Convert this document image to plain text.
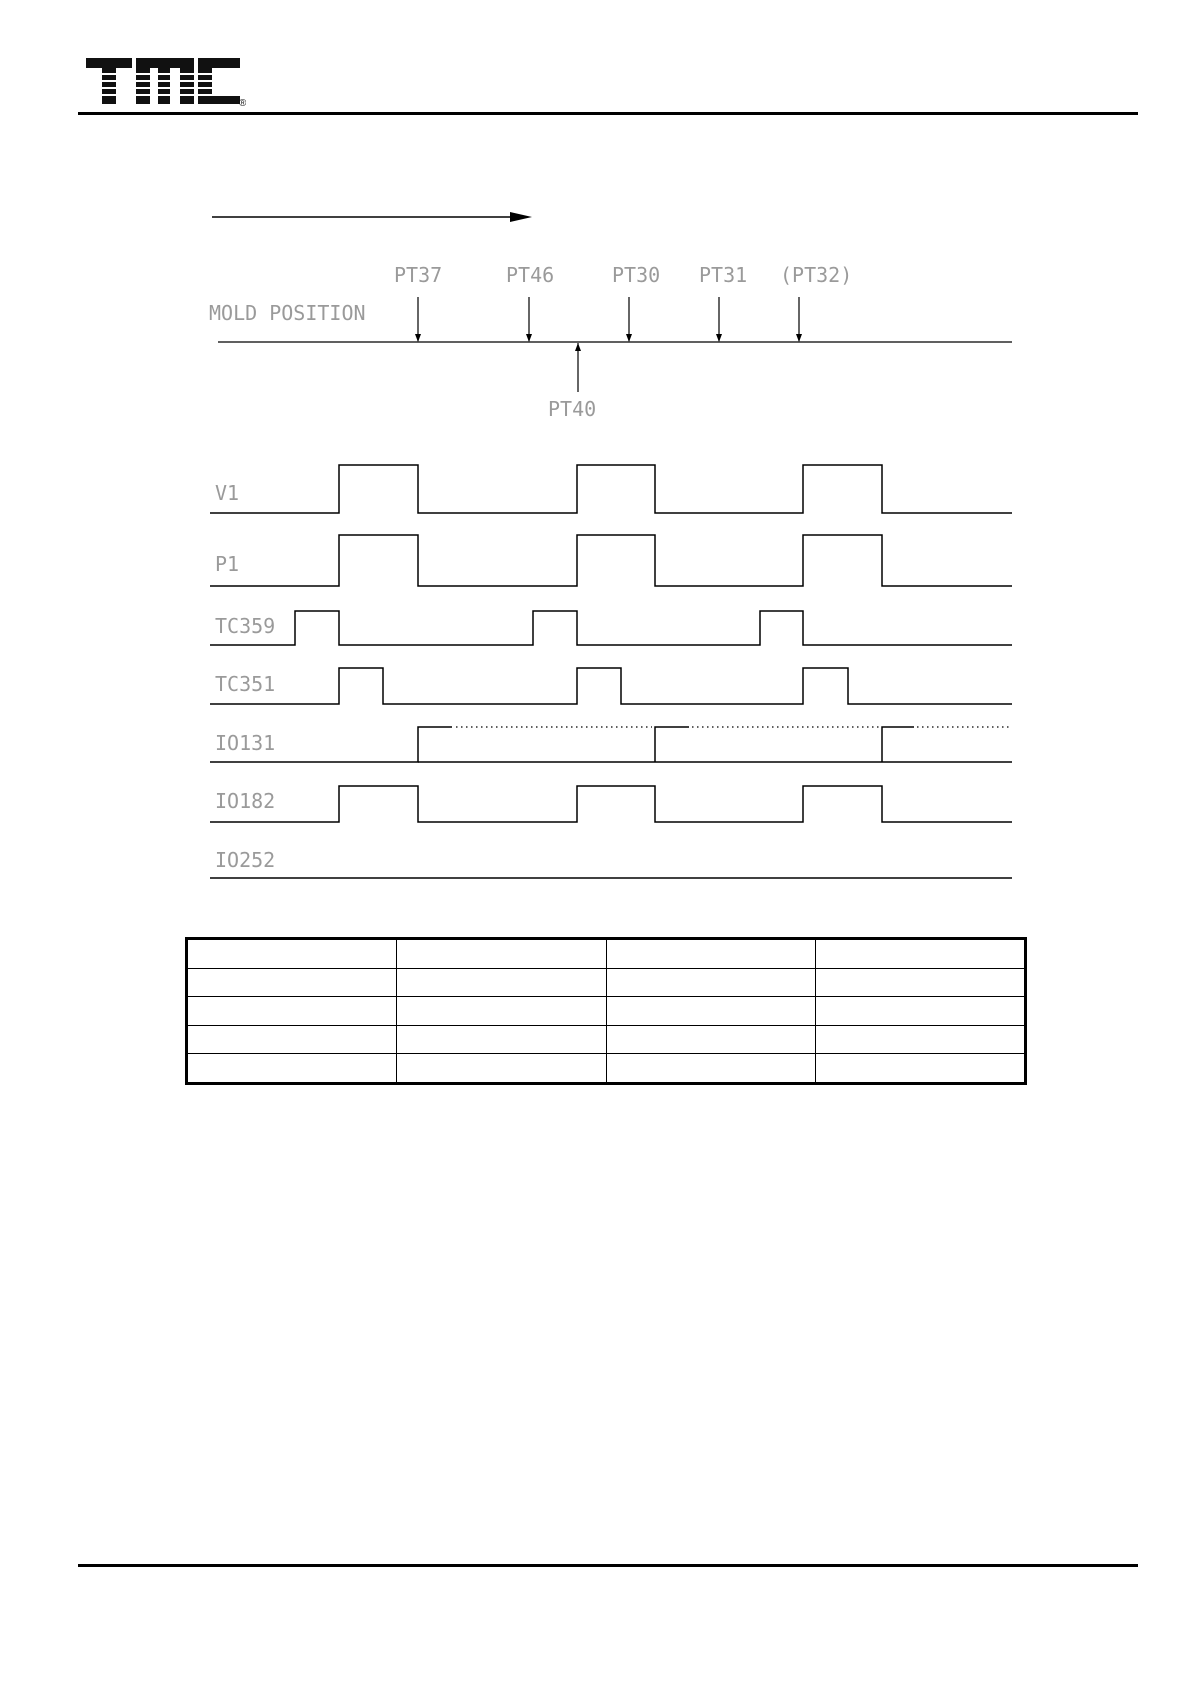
®
MOLD POSITION
PT37	PT46	PT30 PT31 (PT32)
PT40
V1
P1
TC359
TC351
IO131
IO182
IO252
